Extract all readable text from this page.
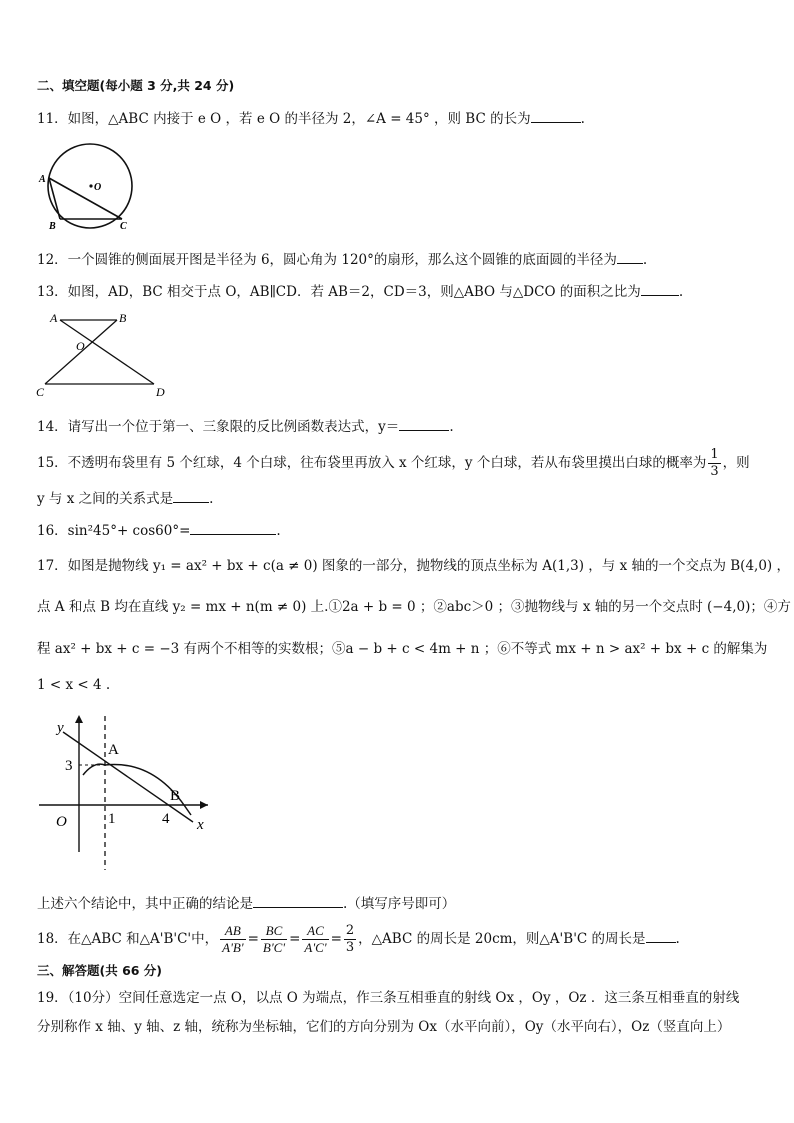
二、填空题(每小题 3 分,共 24 分)
11．如图，△ABC 内接于 e O ，若 e O 的半径为 2，∠A = 45° ，则 BC 的长为	.
O
A
B	C
12．一个圆锥的侧面展开图是半径为 6，圆心角为 120°的扇形，那么这个圆锥的底面圆的半径为 .
13．如图，AD，BC 相交于点 O，AB∥CD．若 AB＝2，CD＝3，则△ABO 与△DCO 的面积之比为	.
A	B
O
C	D
14．请写出一个位于第一、三象限的反比例函数表达式，y＝	.
15．不透明布袋里有 5 个红球，4 个白球，往布袋里再放入 x 个红球，y 个白球，若从布袋里摸出白球的概率为 $\frac{1}{3}$ ，则
y 与 x 之间的关系式是	.
16．sin²45°+ cos60°=	.
17．如图是抛物线 y₁ = ax² + bx + c(a ≠ 0) 图象的一部分，抛物线的顶点坐标为 A(1,3) ，与 x 轴的一个交点为 B(4,0) ，
点 A 和点 B 均在直线 y₂ = mx + n(m ≠ 0) 上.①2a + b = 0 ；②abc＞0 ；③抛物线与 x 轴的另一个交点时 (−4,0)；④方
程 ax² + bx + c = −3 有两个不相等的实数根；⑤a − b + c < 4m + n ；⑥不等式 mx + n > ax² + bx + c 的解集为
1 < x < 4 .
y
x
O
A
B
3
1	4
上述六个结论中，其中正确的结论是	.（填写序号即可）
18．在△ABC 和△A'B'C'中， $\frac{AB}{A'B'} = \frac{BC}{B'C'} = \frac{AC}{A'C'} = \frac{2}{3}$ ，△ABC 的周长是 20cm，则△A'B'C 的周长是 .
三、解答题(共 66 分)
19．（10分）空间任意选定一点 O，以点 O 为端点，作三条互相垂直的射线 Ox ，Oy ，Oz ．这三条互相垂直的射线
分别称作 x 轴、y 轴、z 轴，统称为坐标轴，它们的方向分别为 Ox（水平向前），Oy（水平向右），Oz（竖直向上）
